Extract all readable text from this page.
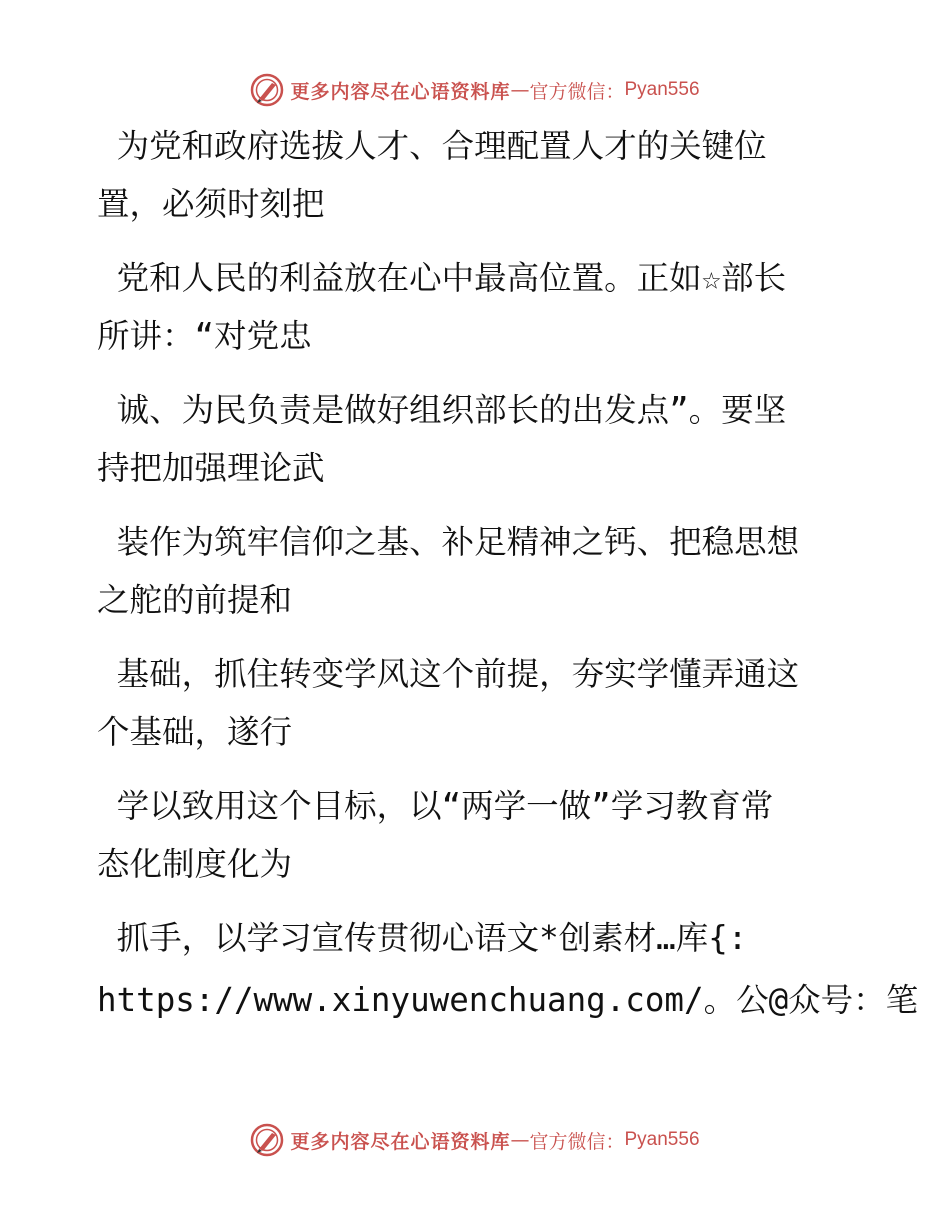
更多内容尽在心语资料库 — 官方微信： Pyan556
为党和政府选拔人才、合理配置人才的关键位
置，必须时刻把
党和人民的利益放在心中最高位置。正如☆部长
所讲：“对党忠
诚、为民负责是做好组织部长的出发点”。要坚
持把加强理论武
装作为筑牢信仰之基、补足精神之钙、把稳思想
之舵的前提和
基础，抓住转变学风这个前提，夯实学懂弄通这
个基础，遂行
学以致用这个目标，以“两学一做”学习教育常
态化制度化为
抓手，以学习宣传贯彻心语文*创素材…库{:
https://www.xinyuwenchuang.com/。公@众号：笔
更多内容尽在心语资料库 — 官方微信： Pyan556
